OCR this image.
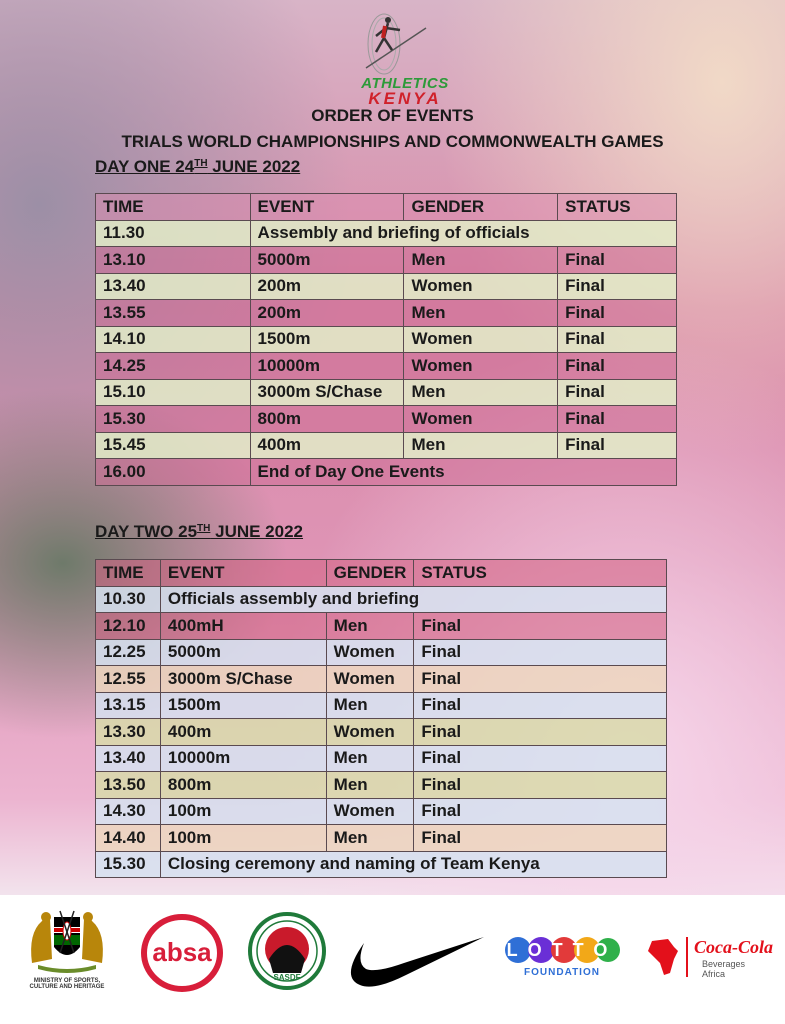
ATHLETICS
KENYA
ORDER OF EVENTS
TRIALS WORLD CHAMPIONSHIPS AND COMMONWEALTH GAMES
DAY ONE 24TH JUNE 2022
TIME	EVENT	GENDER	STATUS
11.30	Assembly and briefing of officials		
13.10	5000m	Men	Final
13.40	200m	Women	Final
13.55	200m	Men	Final
14.10	1500m	Women	Final
14.25	10000m	Women	Final
15.10	3000m S/Chase	Men	Final
15.30	800m	Women	Final
15.45	400m	Men	Final
16.00	End of Day One Events		
DAY TWO 25TH JUNE 2022
TIME	EVENT	GENDER	STATUS
10.30	Officials assembly and briefing		
12.10	400mH	Men	Final
12.25	5000m	Women	Final
12.55	3000m S/Chase	Women	Final
13.15	1500m	Men	Final
13.30	400m	Women	Final
13.40	10000m	Men	Final
13.50	800m	Men	Final
14.30	100m	Women	Final
14.40	100m	Men	Final
15.30	Closing ceremony and naming of Team Kenya		
MINISTRY OF SPORTS,
CULTURE AND HERITAGE
absa
SASDF
LOTTO
FOUNDATION
Coca-Cola
Beverages
Africa
